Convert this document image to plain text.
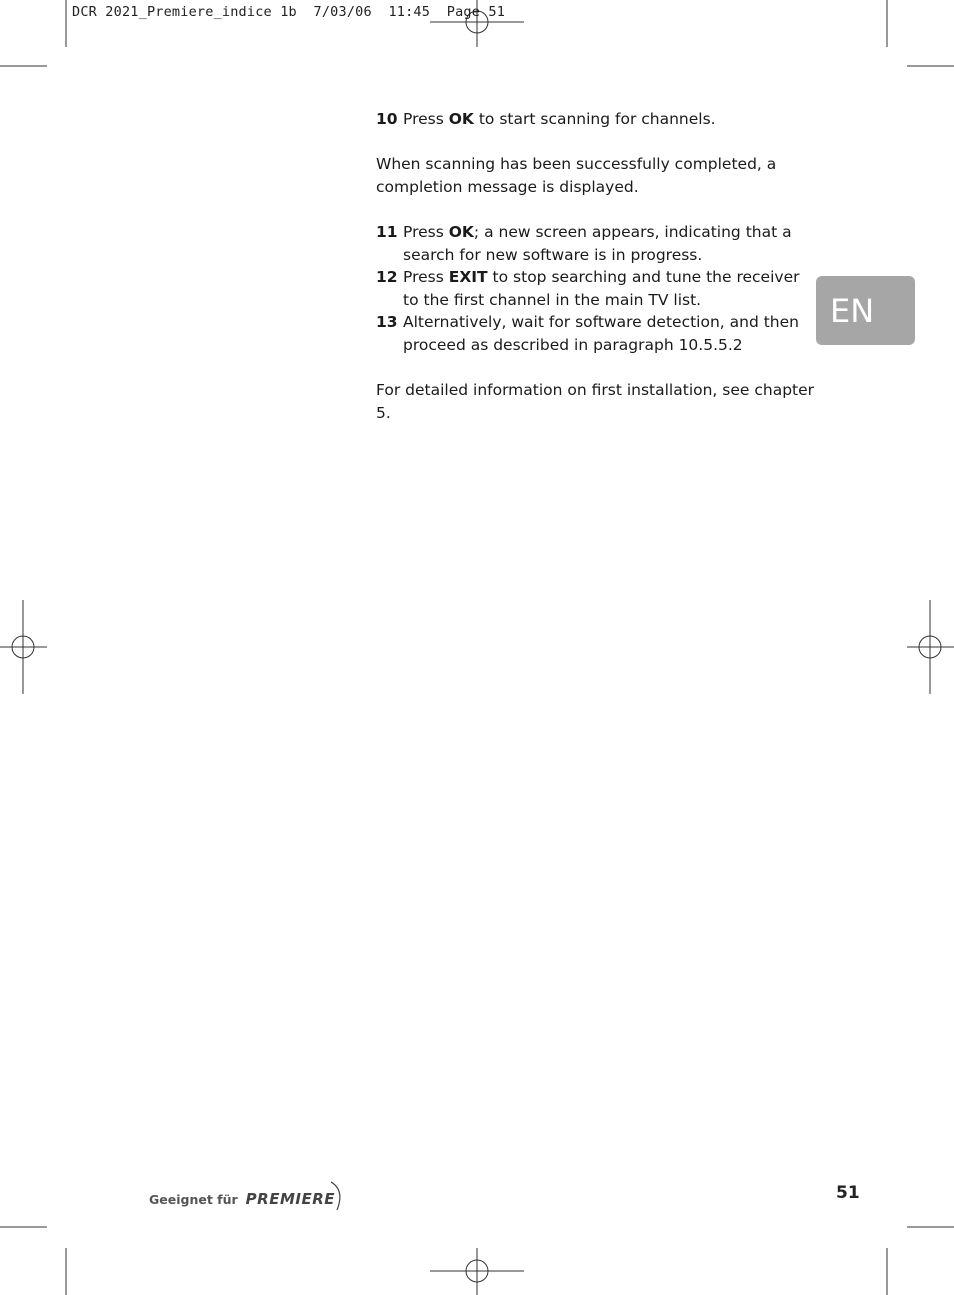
DCR 2021_Premiere_indice 1b  7/03/06  11:45  Page 51
10 Press OK to start scanning for channels.

When scanning has been successfully completed, a completion message is displayed.

11 Press OK; a new screen appears, indicating that a search for new software is in progress.
12 Press EXIT to stop searching and tune the receiver to the first channel in the main TV list.
13 Alternatively, wait for software detection, and then proceed as described in paragraph 10.5.5.2

For detailed information on first installation, see chapter 5.

EN
Geeignet für PREMIERE	51
